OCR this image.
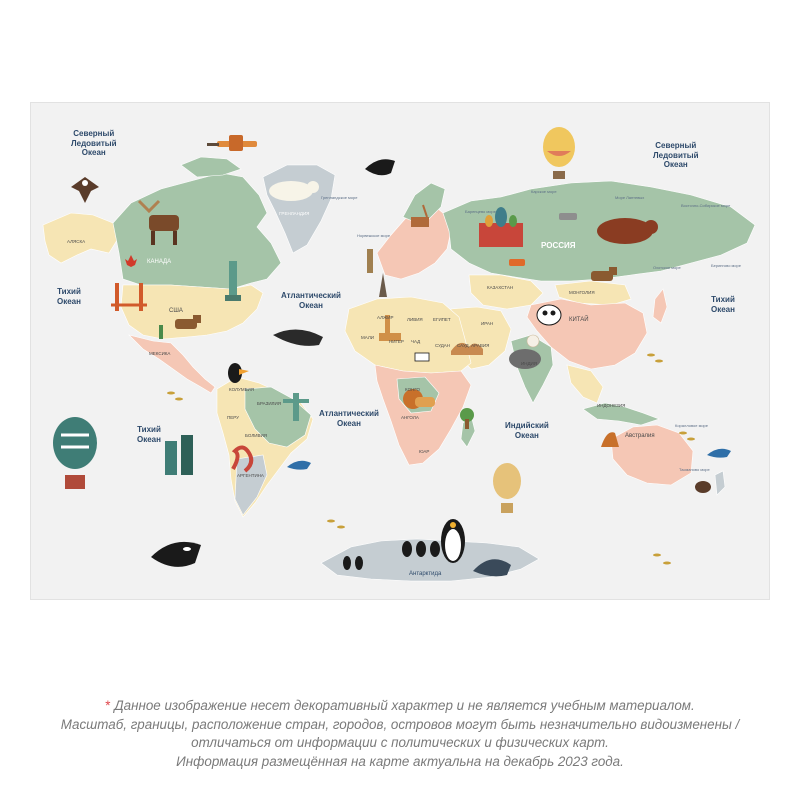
Северный
Ледовитый
Океан
Северный
Ледовитый
Океан
Тихий
Океан	Тихий
Океан
Тихий
Океан
Атлантический
Океан
Атлантический
Океан	Индийский
Океан
РОССИЯ
КАНАДА
АЛЯСКА
США
ГРЕНЛАНДИЯ
КИТАЙ
КАЗАХСТАН
МОНГОЛИЯ
БРАЗИЛИЯ
Австралия
Антарктида
ИНДИЯ
ИНДОНЕЗИЯ
МЕКСИКА
АРГЕНТИНА
АЛЖИР	ЛИВИЯ ЕГИПЕТ
СУДАН
ЧАД
НИГЕР
МАЛИ
КОНГО
АНГОЛА
ИРАН
САУД. АРАВИЯ
ПЕРУ
КОЛУМБИЯ
БОЛИВИЯ
ЮАР
Гренландское море
Баренцево море
Карское море
Море Лаптевых
Восточно-Сибирское море
Норвежское море
Берингово море
Охотское море
Коралловое море
Тасманово море
* Данное изображение несет декоративный характер и не является учебным материалом.
Масштаб, границы, расположение стран, городов, островов могут быть незначительно видоизменены /
отличаться от информации с политических и физических карт.
Информация размещённая на карте актуальна на декабрь 2023 года.
